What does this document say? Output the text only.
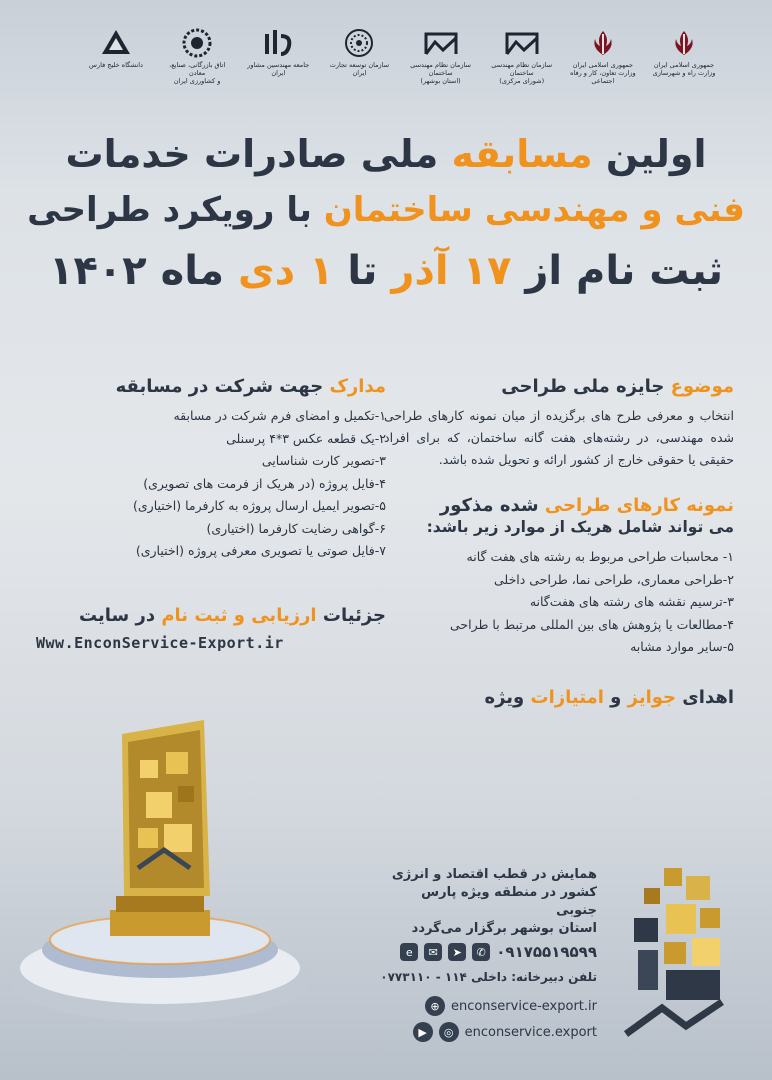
دانشگاه خلیج فارس	اتاق بازرگانی، صنایع، معادن
و کشاورزی ایران
جامعه مهندسین مشاور ایران
سازمان توسعه تجارت ایران
سازمان نظام مهندسی ساختمان
(استان بوشهر)
سازمان نظام مهندسی ساختمان
(شورای مرکزی)
جمهوری اسلامی ایران
وزارت تعاون، کار و رفاه اجتماعی
جمهوری اسلامی ایران
وزارت راه و شهرسازی
اولین مسابقه ملی صادرات خدمات
فنی و مهندسی ساختمان با رویکرد طراحی
ثبت نام از ۱۷ آذر تا ۱ دی ماه ۱۴۰۲
موضوع جایزه ملی طراحی
انتخاب و معرفی طرح های برگزیده از میان نمونه کارهای طراحی شده مهندسی، در رشته‌های هفت گانه ساختمان، که برای افراد حقیقی یا حقوقی خارج از کشور ارائه و تحویل شده باشد.
نمونه کارهای طراحی شده مذکور
می تواند شامل هریک از موارد زیر باشد:
۱- محاسبات طراحی مربوط به رشته های هفت گانه
۲-طراحی معماری، طراحی نما، طراحی داخلی
۳-ترسیم نقشه های رشته های هفت‌گانه
۴-مطالعات یا پژوهش های بین المللی مرتبط با طراحی
۵-سایر موارد مشابه
اهدای جوایز و امتیازات ویژه
مدارک جهت شرکت در مسابقه
۱-تکمیل و امضای فرم شرکت در مسابقه
۲-یک قطعه عکس ۳*۴ پرسنلی
۳-تصویر کارت شناسایی
۴-فایل پروژه (در هریک از فرمت های تصویری)
۵-تصویر ایمیل ارسال پروژه به کارفرما (اختیاری)
۶-گواهی رضایت کارفرما (اختیاری)
۷-فایل صوتی یا تصویری معرفی پروژه (اختیاری)
جزئیات ارزیابی و ثبت نام در سایت
Www.EnconService-Export.ir
همایش در قطب اقتصاد و انرژی
کشور در منطقه ویژه پارس جنوبی
استان بوشهر برگزار می‌گردد
۰۹۱۷۵۵۱۹۵۹۹
✆
➤
✉
e
تلفن دبیرخانه: داخلی ۱۱۴ - ۰۷۷۳۱۱۰
enconservice-export.ir
⊕
enconservice.export
◎
▶
